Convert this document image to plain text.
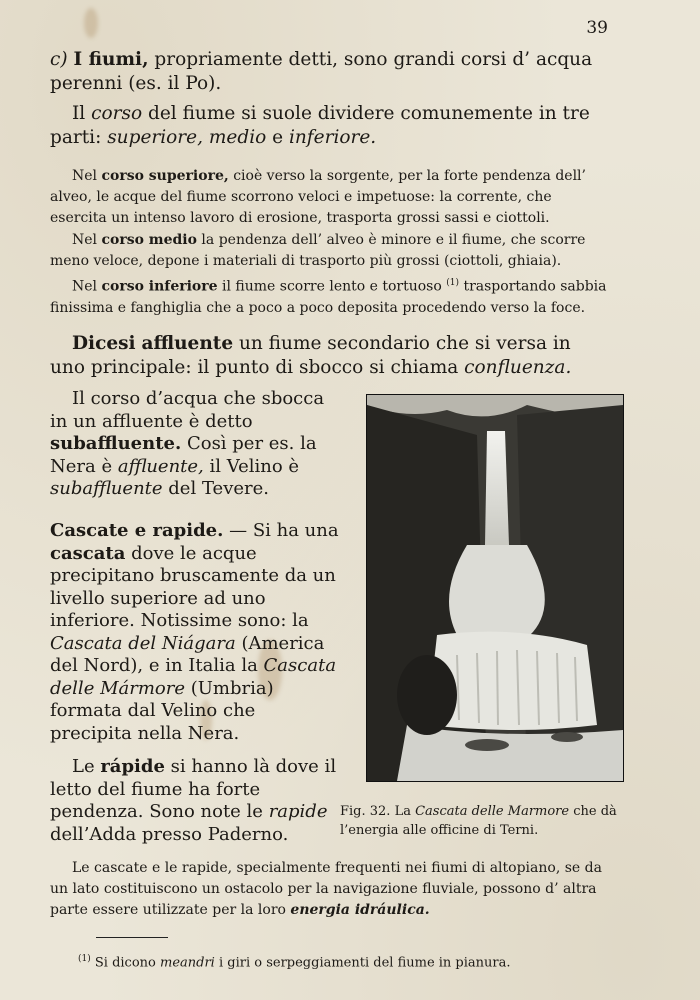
39

c) I fiumi, propriamente detti, sono grandi corsi d’ acqua perenni (es. il Po).

Il corso del fiume si suole dividere comunemente in tre parti: superiore, medio e inferiore.

Nel corso superiore, cioè verso la sorgente, per la forte pendenza dell’ alveo, le acque del fiume scorrono veloci e impetuose: la corrente, che esercita un intenso lavoro di erosione, trasporta grossi sassi e ciottoli.

Nel corso medio la pendenza dell’ alveo è minore e il fiume, che scorre meno veloce, depone i materiali di trasporto più grossi (ciottoli, ghiaia).

Nel corso inferiore il fiume scorre lento e tortuoso $^{(1)}$ trasportando sabbia finissima e fanghiglia che a poco a poco deposita procedendo verso la foce.

Dicesi affluente un fiume secondario che si versa in uno principale: il punto di sbocco si chiama confluenza.

Il corso d’acqua che sbocca in un affluente è detto subaffluente. Così per es. la Nera è affluente, il Velino è subaffluente del Tevere.

Cascate e rapide. — Si ha una cascata dove le acque precipitano bruscamente da un livello superiore ad uno inferiore. Notissime sono: la Cascata del Niágara (America del Nord), e in Italia la Cascata delle Mármore (Umbria) formata dal Velino che precipita nella Nera.

Le rápide si hanno là dove il letto del fiume ha forte pendenza. Sono note le rapide dell’Adda presso Paderno.

Fig. 32. La Cascata delle Marmore che dà l’energia alle officine di Terni.

Le cascate e le rapide, specialmente frequenti nei fiumi di altopiano, se da un lato costituiscono un ostacolo per la navigazione fluviale, possono d’ altra parte essere utilizzate per la loro energia idráulica.

$^{(1)}$ Si dicono meandri i giri o serpeggiamenti del fiume in pianura.
